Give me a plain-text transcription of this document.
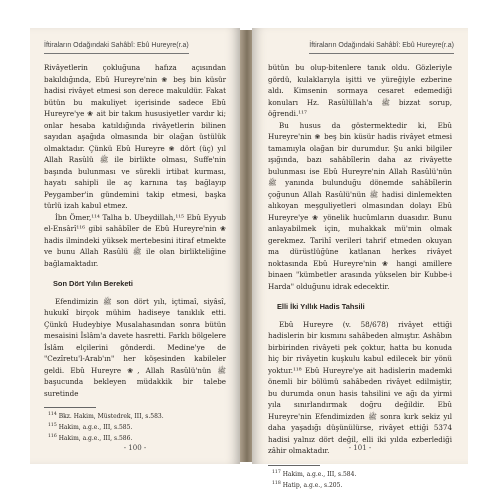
İftiraların Odağındaki Sahâbî: Ebû Hureyre(r.a)

Rivâyetlerin çokluğuna hafıza açısından bakıldığında, Ebû Hureyre'nin ❀ beş bin küsür hadisi rivâyet etmesi son derece makuldür. Fakat bütün bu makuliyet içerisinde sadece Ebû Hureyre'ye ❀ ait bir takım hususiyetler vardır ki; onlar hesaba katıldığında rivâyetlerin bilinen sayıdan aşağıda olmasında bir olağan üstülük olmaktadır. Çünkü Ebû Hureyre ❀ dört (üç) yıl Allah Rasûlü ﷺ ile birlikte olması, Suffe'nin başında bulunması ve sürekli irtibat kurması, hayatı sahipli ile aç karnına taş bağlayıp Peygamber'in gündemini takip etmesi, başka türlü izah kabul etmez.

İbn Ömer,¹¹⁴ Talha b. Ubeydillah,¹¹⁵ Ebû Eyyub el-Ensârî¹¹⁶ gibi sahâbîler de Ebû Hureyre'nin ❀ hadis ilmindeki yüksek mertebesini itiraf etmekte ve bunu Allah Rasûlü ﷺ ile olan birlikteliğine bağlamaktadır.

Son Dört Yılın Bereketi

Efendimizin ﷺ son dört yılı, içtimaî, siyâsî, hukukî birçok mühim hadiseye tanıklık etti. Çünkü Hudeybiye Musalahasından sonra bütün mesaisini İslâm'a davete hasretti. Farklı bölgelere İslâm elçilerini gönderdi. Medine'ye de "Cezîretu'l-Arab'ın" her köşesinden kabileler geldi. Ebû Hureyre ❀, Allah Rasûlü'nün ﷺ başucunda bekleyen müdakkik bir talebe suretinde

$^{114}$ Bkz. Hakim, Müstedrek, III, s.583.
$^{115}$ Hakim, a.g.e., III, s.585.
$^{116}$ Hakim, a.g.e., III, s.586.
- 100 -
İftiraların Odağındaki Sahâbî: Ebû Hureyre(r.a)

bütün bu olup-bitenlere tanık oldu. Gözleriyle gördü, kulaklarıyla işitti ve yüreğiyle ezberine aldı. Kimsenin sormaya cesaret edemediği konuları Hz. Rasûlüllah'a ﷺ bizzat sorup, öğrendi.¹¹⁷

Bu husus da göstermektedir ki, Ebû Hureyre'nin ❀ beş bin küsür hadis rivâyet etmesi tamamıyla olağan bir durumdur. Şu anki bilgiler ışığında, bazı sahâbîlerin daha az rivâyette bulunması ise Ebû Hureyre'nin Allah Rasûlü'nün ﷺ yanında bulunduğu dönemde sahâbîlerin çoğunun Allah Rasûlü'nün ﷺ hadisi dinlemekten alıkoyan meşguliyetleri olmasından dolayı Ebû Hureyre'ye ❀ yönelik hucûmların duasıdır. Bunu anlayabilmek için, muhakkak mü'min olmak gerekmez. Tarihî verileri tahrif etmeden okuyan ma dürüstlüğüne katlanan herkes rivâyet noktasında Ebû Hureyre'nin ❀ hangi amillere binaen "kümbetler arasında yükselen bir Kubbe-i Harda" olduğunu idrak edecektir.

Elli İki Yıllık Hadis Tahsili

Ebû Hureyre (v. 58/678) rivâyet ettiği hadislerin bir kısmını sahâbeden almıştır. Ashâbın birbirinden rivâyeti pek çoktur, hatta bu konuda hiç bir rivâyetin kuşkulu kabul edilecek bir yönü yoktur.¹¹⁸ Ebû Hureyre'ye ait hadislerin mademki önemli bir bölümü sahâbeden rivâyet edilmiştir, bu durumda onun hasis tahsilini ve ağı da yirmi yıla sınırlandırmak doğru değildir. Ebû Hureyre'nin Efendimizden ﷺ sonra kırk sekiz yıl daha yaşadığı düşünülürse, rivâyet ettiği 5374 hadisi yalnız dört değil, elli iki yılda ezberlediği zâhir olmaktadır.

$^{117}$ Hakim, a.g.e., III, s.584.
$^{118}$ Hatip, a.g.e., s.205.
- 101 -
